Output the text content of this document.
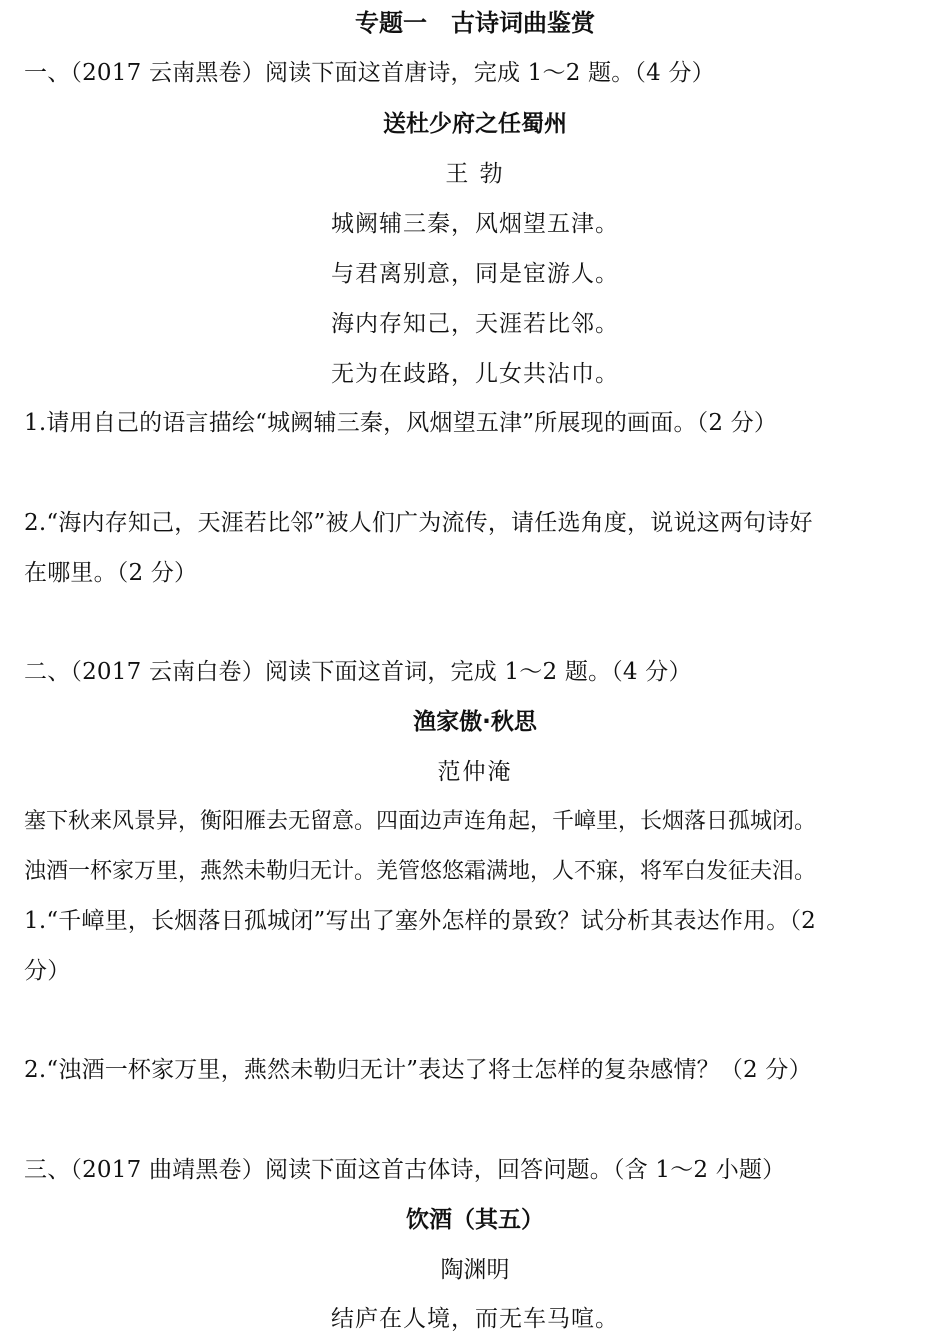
专题一　古诗词曲鉴赏
一、（2017 云南黑卷）阅读下面这首唐诗，完成 1～2 题。（4 分）
送杜少府之任蜀州
王 勃
城阙辅三秦，风烟望五津。
与君离别意，同是宦游人。
海内存知己，天涯若比邻。
无为在歧路，儿女共沾巾。
1.请用自己的语言描绘“城阙辅三秦，风烟望五津”所展现的画面。（2 分）
2.“海内存知己，天涯若比邻”被人们广为流传，请任选角度，说说这两句诗好
在哪里。（2 分）
二、（2017 云南白卷）阅读下面这首词，完成 1～2 题。（4 分）
渔家傲·秋思
范仲淹
塞下秋来风景异，衡阳雁去无留意。四面边声连角起，千嶂里，长烟落日孤城闭。
浊酒一杯家万里，燕然未勒归无计。羌管悠悠霜满地，人不寐，将军白发征夫泪。
1.“千嶂里，长烟落日孤城闭”写出了塞外怎样的景致？试分析其表达作用。（2
分）
2.“浊酒一杯家万里，燕然未勒归无计”表达了将士怎样的复杂感情？（2 分）
三、（2017 曲靖黑卷）阅读下面这首古体诗，回答问题。（含 1～2 小题）
饮酒（其五）
陶渊明
结庐在人境，而无车马喧。
